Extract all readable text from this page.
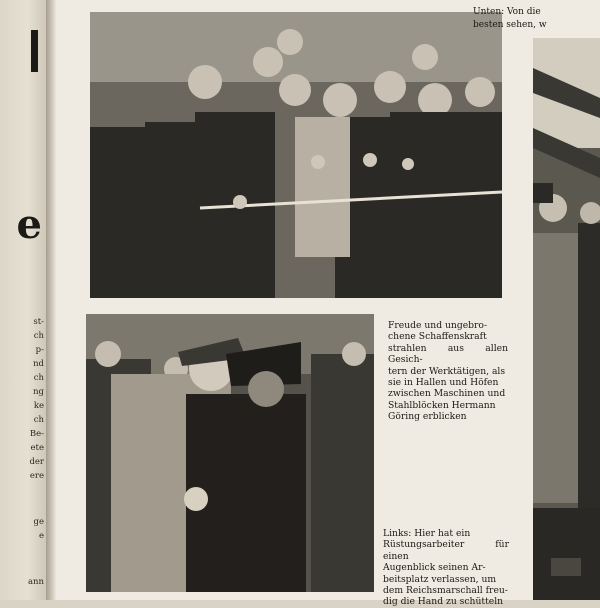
e
st-
ch
p-
nd
ch
ng
ke
ch
Be-
ete
der
ere
ge
e
ann
Unten: Von die
besten sehen, w
Freude und ungebro-
chene Schaffenskraft
strahlen aus allen Gesich-
tern der Werktätigen, als
sie in Hallen und Höfen
zwischen Maschinen und
Stahlblöcken Hermann
Göring erblicken
Links: Hier hat ein
Rüstungsarbeiter für einen
Augenblick seinen Ar-
beitsplatz verlassen, um
dem Reichsmarschall freu-
dig die Hand zu schütteln
